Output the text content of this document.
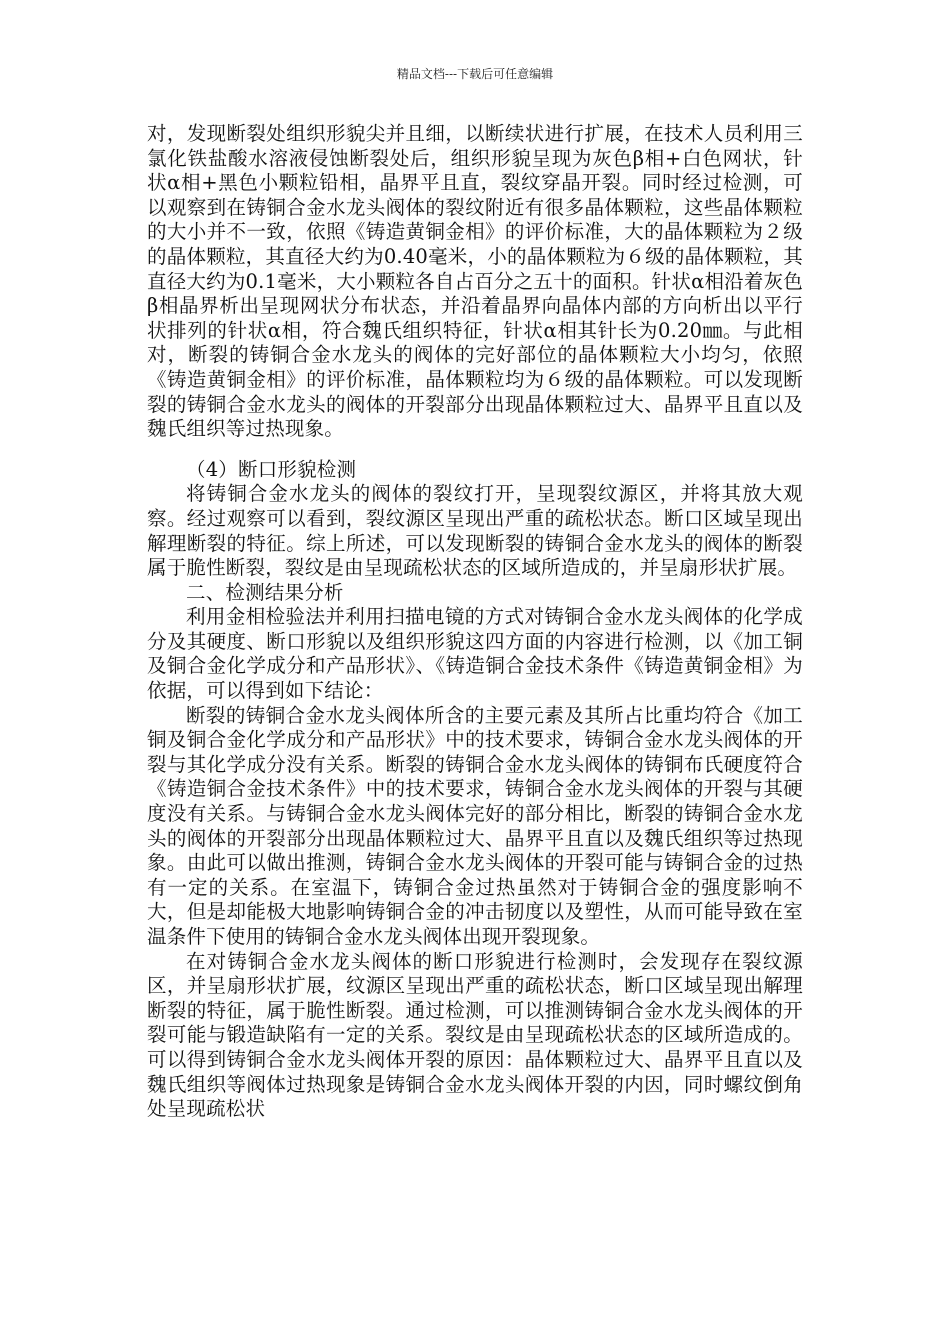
精品文档---下载后可任意编辑

对，发现断裂处组织形貌尖并且细，以断续状进行扩展，在技术人员利用三氯化铁盐酸水溶液侵蚀断裂处后，组织形貌呈现为灰色β相+白色网状，针状α相+黑色小颗粒铅相，晶界平且直，裂纹穿晶开裂。同时经过检测，可以观察到在铸铜合金水龙头阀体的裂纹附近有很多晶体颗粒，这些晶体颗粒的大小并不一致，依照《铸造黄铜金相》的评价标准，大的晶体颗粒为２级的晶体颗粒，其直径大约为0.40毫米，小的晶体颗粒为６级的晶体颗粒，其直径大约为0.1毫米，大小颗粒各自占百分之五十的面积。针状α相沿着灰色β相晶界析出呈现网状分布状态，并沿着晶界向晶体内部的方向析出以平行状排列的针状α相，符合魏氏组织特征，针状α相其针长为0.20㎜。与此相对，断裂的铸铜合金水龙头的阀体的完好部位的晶体颗粒大小均匀，依照《铸造黄铜金相》的评价标准，晶体颗粒均为６级的晶体颗粒。可以发现断裂的铸铜合金水龙头的阀体的开裂部分出现晶体颗粒过大、晶界平且直以及魏氏组织等过热现象。

（4）断口形貌检测

将铸铜合金水龙头的阀体的裂纹打开，呈现裂纹源区，并将其放大观察。经过观察可以看到，裂纹源区呈现出严重的疏松状态。断口区域呈现出解理断裂的特征。综上所述，可以发现断裂的铸铜合金水龙头的阀体的断裂属于脆性断裂，裂纹是由呈现疏松状态的区域所造成的，并呈扇形状扩展。

二、检测结果分析

利用金相检验法并利用扫描电镜的方式对铸铜合金水龙头阀体的化学成分及其硬度、断口形貌以及组织形貌这四方面的内容进行检测，以《加工铜及铜合金化学成分和产品形状》、《铸造铜合金技术条件《铸造黄铜金相》为依据，可以得到如下结论：

断裂的铸铜合金水龙头阀体所含的主要元素及其所占比重均符合《加工铜及铜合金化学成分和产品形状》中的技术要求，铸铜合金水龙头阀体的开裂与其化学成分没有关系。断裂的铸铜合金水龙头阀体的铸铜布氏硬度符合《铸造铜合金技术条件》中的技术要求，铸铜合金水龙头阀体的开裂与其硬度没有关系。与铸铜合金水龙头阀体完好的部分相比，断裂的铸铜合金水龙头的阀体的开裂部分出现晶体颗粒过大、晶界平且直以及魏氏组织等过热现象。由此可以做出推测，铸铜合金水龙头阀体的开裂可能与铸铜合金的过热有一定的关系。在室温下，铸铜合金过热虽然对于铸铜合金的强度影响不大，但是却能极大地影响铸铜合金的冲击韧度以及塑性，从而可能导致在室温条件下使用的铸铜合金水龙头阀体出现开裂现象。

在对铸铜合金水龙头阀体的断口形貌进行检测时，会发现存在裂纹源区，并呈扇形状扩展，纹源区呈现出严重的疏松状态，断口区域呈现出解理断裂的特征，属于脆性断裂。通过检测，可以推测铸铜合金水龙头阀体的开裂可能与锻造缺陷有一定的关系。裂纹是由呈现疏松状态的区域所造成的。可以得到铸铜合金水龙头阀体开裂的原因：晶体颗粒过大、晶界平且直以及魏氏组织等阀体过热现象是铸铜合金水龙头阀体开裂的内因，同时螺纹倒角处呈现疏松状
